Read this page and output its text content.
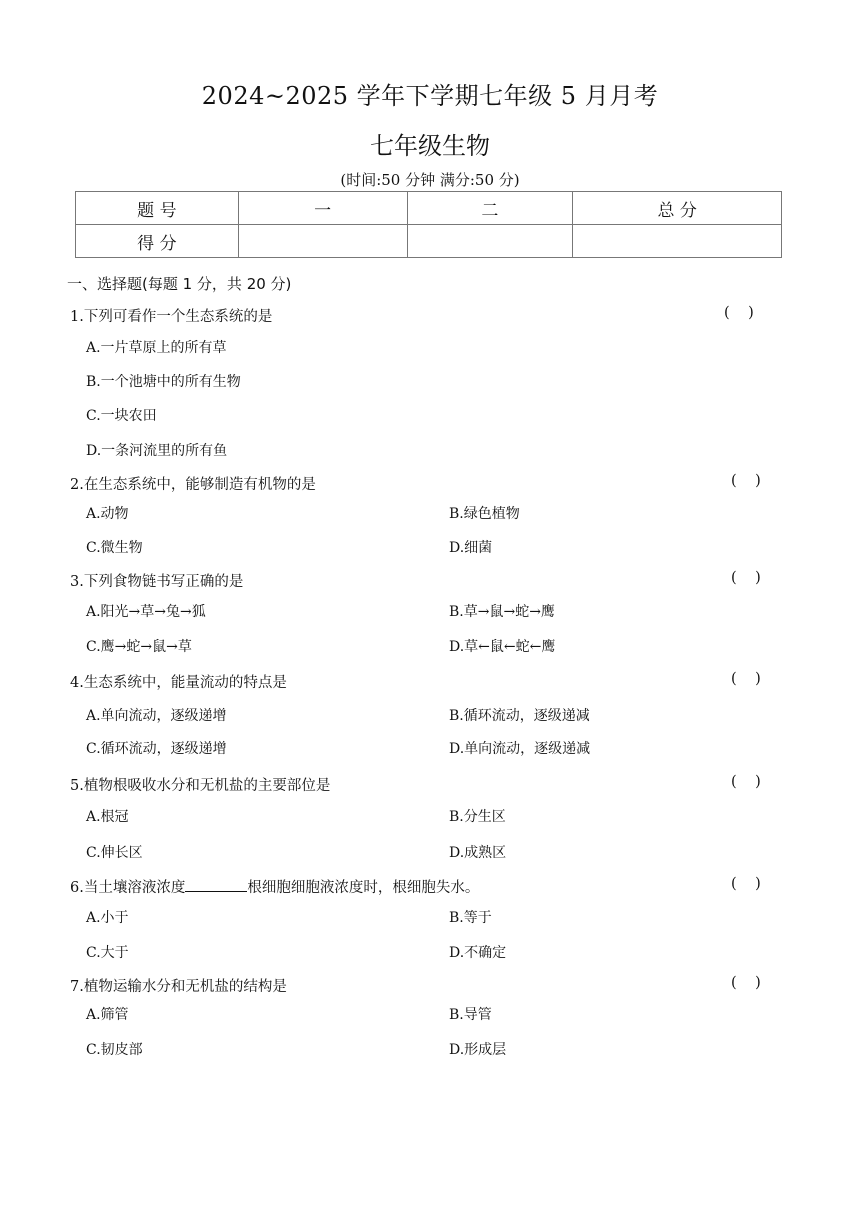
2024~2025 学年下学期七年级 5 月月考
七年级生物
(时间:50 分钟 满分:50 分)
题 号	一	二	总 分
得 分			
一、选择题(每题 1 分，共 20 分)
1.下列可看作一个生态系统的是	(    )
A.一片草原上的所有草
B.一个池塘中的所有生物
C.一块农田
D.一条河流里的所有鱼
2.在生态系统中，能够制造有机物的是	(    )
A.动物	B.绿色植物
C.微生物	D.细菌
3.下列食物链书写正确的是	(    )
A.阳光→草→兔→狐	B.草→鼠→蛇→鹰
C.鹰→蛇→鼠→草	D.草←鼠←蛇←鹰
4.生态系统中，能量流动的特点是	(    )
A.单向流动，逐级递增	B.循环流动，逐级递减
C.循环流动，逐级递增	D.单向流动，逐级递减
5.植物根吸收水分和无机盐的主要部位是	(    )
A.根冠	B.分生区
C.伸长区	D.成熟区
6.当土壤溶液浓度	根细胞细胞液浓度时，根细胞失水。	(    )
A.小于	B.等于
C.大于	D.不确定
7.植物运输水分和无机盐的结构是	(    )
A.筛管	B.导管
C.韧皮部	D.形成层
